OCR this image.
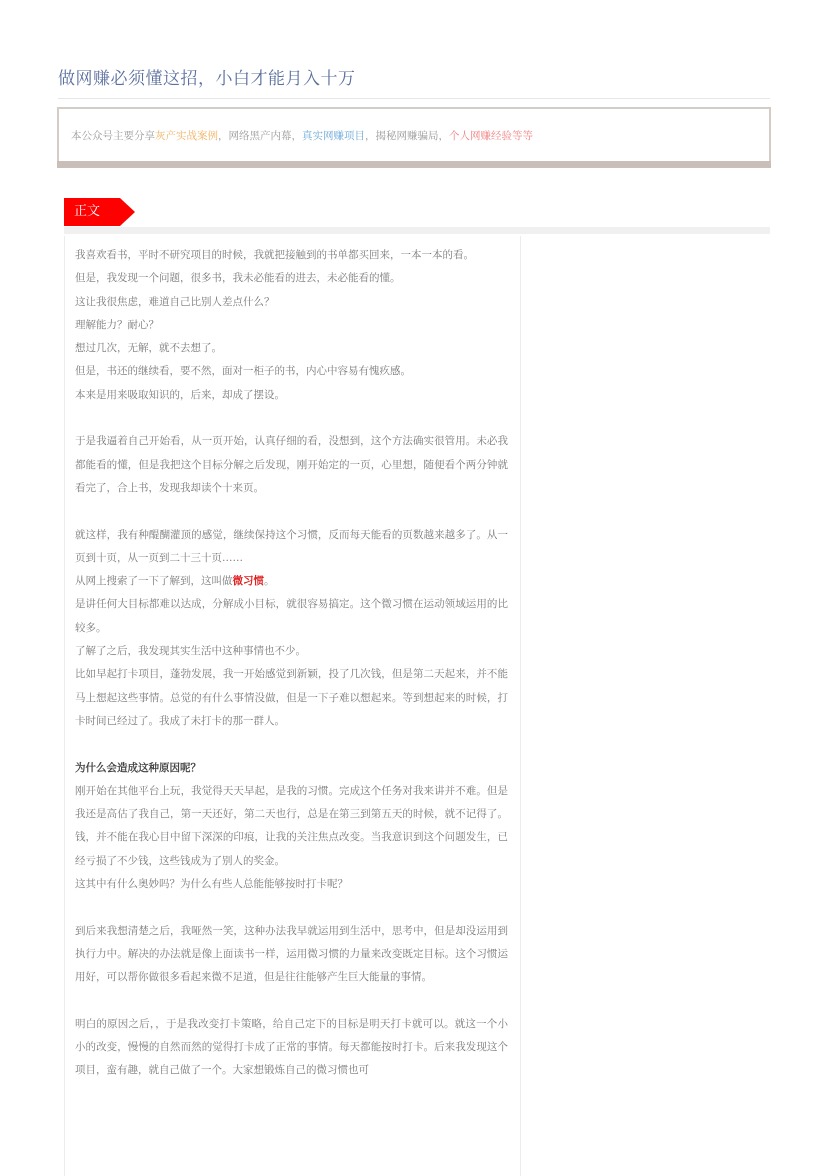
做网赚必须懂这招，小白才能月入十万
本公众号主要分享灰产实战案例，网络黑产内幕，真实网赚项目，揭秘网赚骗局，个人网赚经验等等
正文

我喜欢看书，平时不研究项目的时候，我就把接触到的书单都买回来，一本一本的看。

但是，我发现一个问题，很多书，我未必能看的进去，未必能看的懂。

这让我很焦虑，难道自己比别人差点什么？

理解能力？耐心？

想过几次，无解，就不去想了。

但是，书还的继续看，要不然，面对一柜子的书，内心中容易有愧疚感。

本来是用来吸取知识的，后来，却成了摆设。

于是我逼着自己开始看，从一页开始，认真仔细的看，没想到，这个方法确实很管用。未必我都能看的懂，但是我把这个目标分解之后发现，刚开始定的一页，心里想，随便看个两分钟就看完了，合上书，发现我却读个十来页。

就这样，我有种醍醐灌顶的感觉，继续保持这个习惯，反而每天能看的页数越来越多了。从一页到十页，从一页到二十三十页……

从网上搜索了一下了解到，这叫做微习惯。

是讲任何大目标都难以达成，分解成小目标，就很容易搞定。这个微习惯在运动领域运用的比较多。

了解了之后，我发现其实生活中这种事情也不少。

比如早起打卡项目，蓬勃发展，我一开始感觉到新颖，投了几次钱，但是第二天起来，并不能马上想起这些事情。总觉的有什么事情没做，但是一下子难以想起来。等到想起来的时候，打卡时间已经过了。我成了未打卡的那一群人。

为什么会造成这种原因呢？

刚开始在其他平台上玩，我觉得天天早起，是我的习惯。完成这个任务对我来讲并不难。但是我还是高估了我自己，第一天还好，第二天也行，总是在第三到第五天的时候，就不记得了。钱，并不能在我心目中留下深深的印痕，让我的关注焦点改变。当我意识到这个问题发生，已经亏损了不少钱，这些钱成为了别人的奖金。

这其中有什么奥妙吗？为什么有些人总能能够按时打卡呢？

到后来我想清楚之后，我哑然一笑，这种办法我早就运用到生活中，思考中，但是却没运用到执行力中。解决的办法就是像上面读书一样，运用微习惯的力量来改变既定目标。这个习惯运用好，可以帮你做很多看起来微不足道，但是往往能够产生巨大能量的事情。

明白的原因之后，，于是我改变打卡策略，给自己定下的目标是明天打卡就可以。就这一个小小的改变，慢慢的自然而然的觉得打卡成了正常的事情。每天都能按时打卡。后来我发现这个项目，蛮有趣，就自己做了一个。大家想锻炼自己的微习惯也可
